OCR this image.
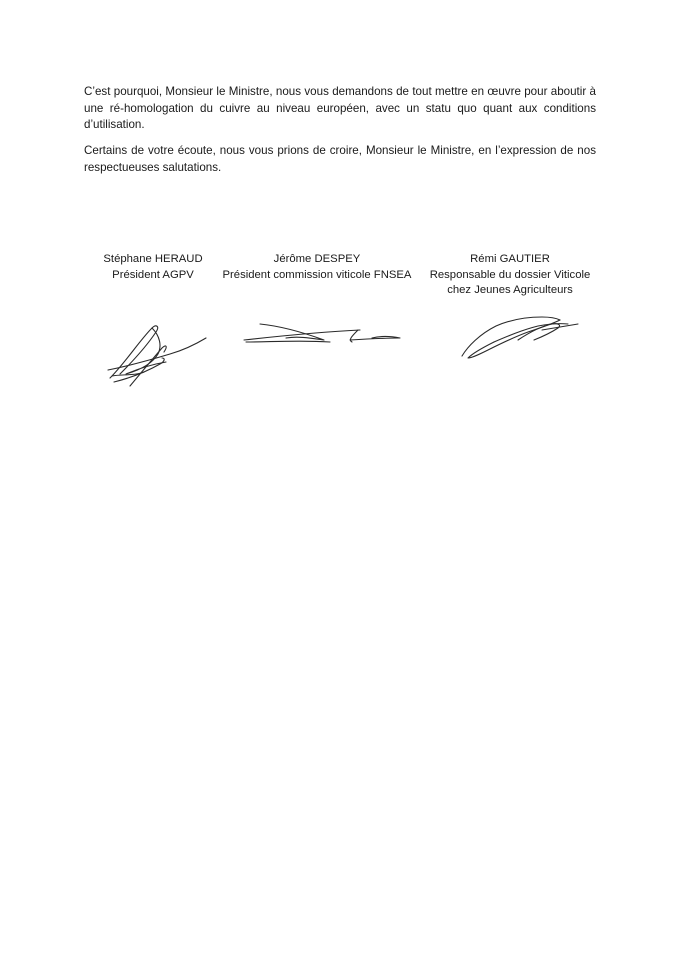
C’est pourquoi, Monsieur le Ministre, nous vous demandons de tout mettre en œuvre pour aboutir à une ré-homologation du cuivre au niveau européen, avec un statu quo quant aux conditions d’utilisation.

Certains de votre écoute, nous vous prions de croire, Monsieur le Ministre, en l’expression de nos respectueuses salutations.

Stéphane HERAUD
Président AGPV
Jérôme DESPEY
Président commission viticole FNSEA
Rémi GAUTIER
Responsable du dossier Viticole
chez Jeunes Agriculteurs
